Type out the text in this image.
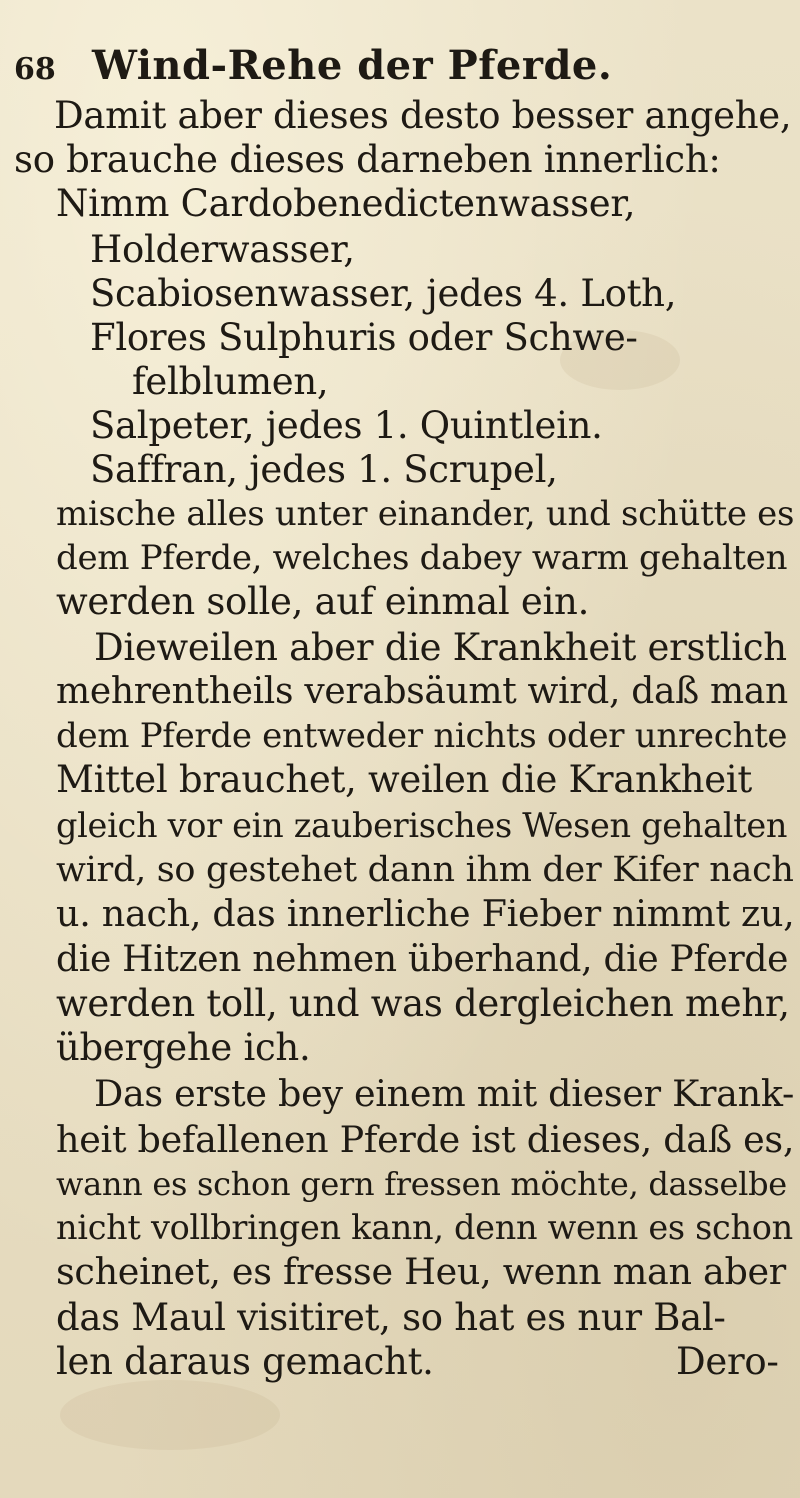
68 Wind-Rehe der Pferde.
Damit aber dieses desto besser angehe,
so brauche dieses darneben innerlich:
Nimm Cardobenedictenwasser,
Holderwasser,
Scabiosenwasser, jedes 4. Loth,
Flores Sulphuris oder Schwe-
felblumen,
Salpeter, jedes 1. Quintlein.
Saffran, jedes 1. Scrupel,
mische alles unter einander, und schütte es
dem Pferde, welches dabey warm gehalten
werden solle, auf einmal ein.
Dieweilen aber die Krankheit erstlich
mehrentheils verabsäumt wird, daß man
dem Pferde entweder nichts oder unrechte
Mittel brauchet, weilen die Krankheit
gleich vor ein zauberisches Wesen gehalten
wird, so gestehet dann ihm der Kifer nach
u. nach, das innerliche Fieber nimmt zu,
die Hitzen nehmen überhand, die Pferde
werden toll, und was dergleichen mehr,
übergehe ich.
Das erste bey einem mit dieser Krank-
heit befallenen Pferde ist dieses, daß es,
wann es schon gern fressen möchte, dasselbe
nicht vollbringen kann, denn wenn es schon
scheinet, es fresse Heu, wenn man aber
das Maul visitiret, so hat es nur Bal-
len daraus gemacht.	Dero-
